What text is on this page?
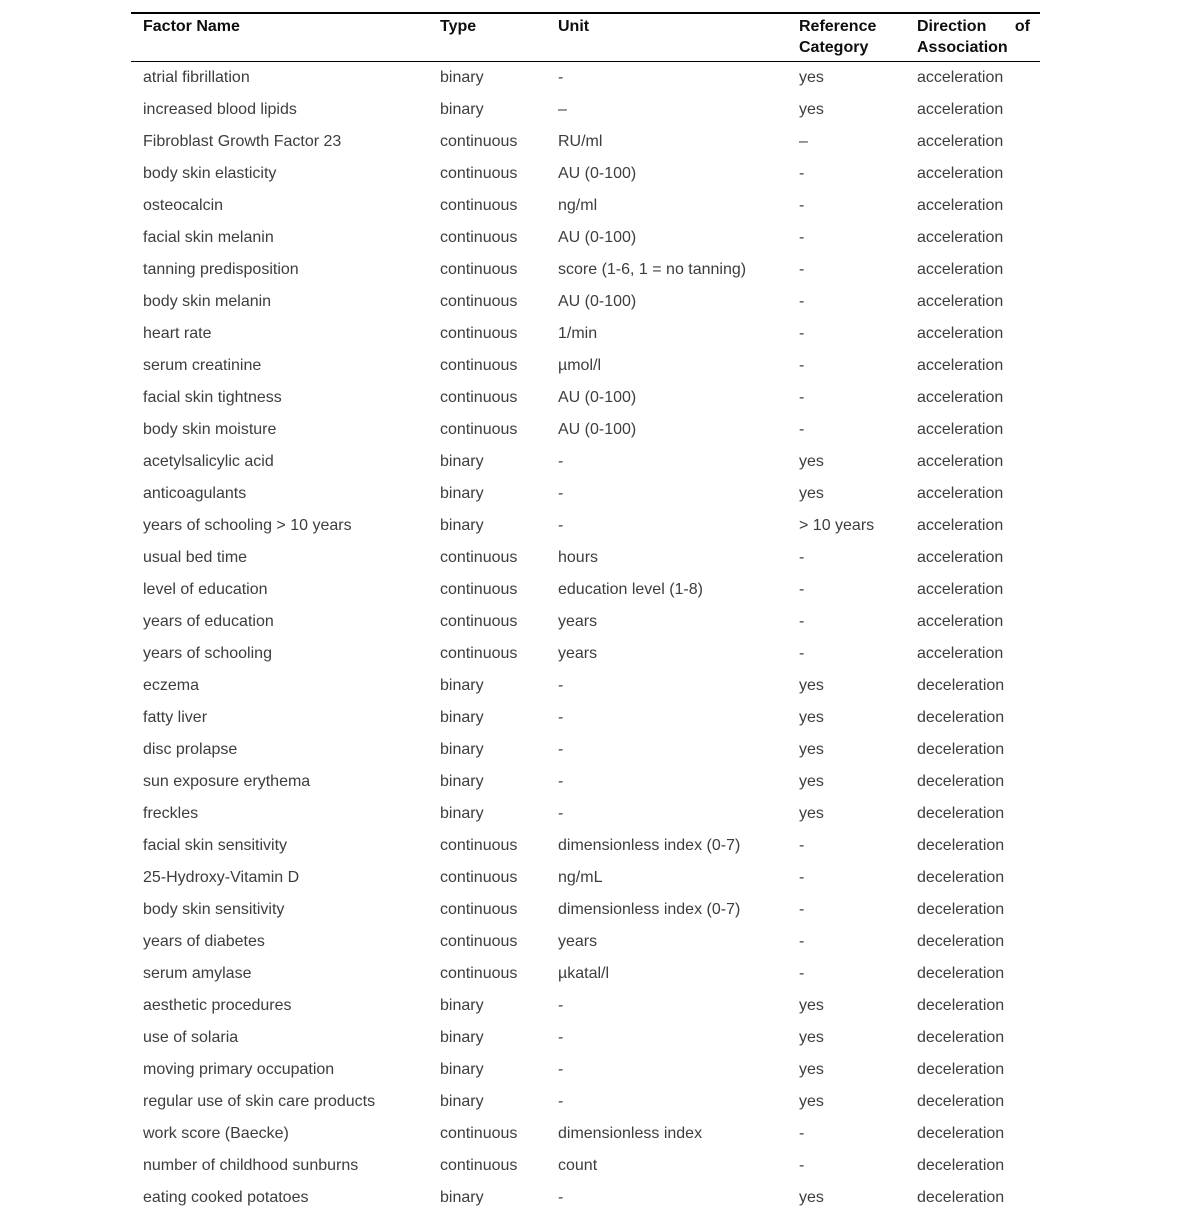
Factor Name	Type	Unit	Reference Category	Direction of Association
atrial fibrillation	binary	-	yes	acceleration
increased blood lipids	binary	–	yes	acceleration
Fibroblast Growth Factor 23	continuous	RU/ml	–	acceleration
body skin elasticity	continuous	AU (0-100)	-	acceleration
osteocalcin	continuous	ng/ml	-	acceleration
facial skin melanin	continuous	AU (0-100)	-	acceleration
tanning predisposition	continuous	score (1-6, 1 = no tanning)	-	acceleration
body skin melanin	continuous	AU (0-100)	-	acceleration
heart rate	continuous	1/min	-	acceleration
serum creatinine	continuous	µmol/l	-	acceleration
facial skin tightness	continuous	AU (0-100)	-	acceleration
body skin moisture	continuous	AU (0-100)	-	acceleration
acetylsalicylic acid	binary	-	yes	acceleration
anticoagulants	binary	-	yes	acceleration
years of schooling > 10 years	binary	-	> 10 years	acceleration
usual bed time	continuous	hours	-	acceleration
level of education	continuous	education level (1-8)	-	acceleration
years of education	continuous	years	-	acceleration
years of schooling	continuous	years	-	acceleration
eczema	binary	-	yes	deceleration
fatty liver	binary	-	yes	deceleration
disc prolapse	binary	-	yes	deceleration
sun exposure erythema	binary	-	yes	deceleration
freckles	binary	-	yes	deceleration
facial skin sensitivity	continuous	dimensionless index (0-7)	-	deceleration
25-Hydroxy-Vitamin D	continuous	ng/mL	-	deceleration
body skin sensitivity	continuous	dimensionless index (0-7)	-	deceleration
years of diabetes	continuous	years	-	deceleration
serum amylase	continuous	µkatal/l	-	deceleration
aesthetic procedures	binary	-	yes	deceleration
use of solaria	binary	-	yes	deceleration
moving primary occupation	binary	-	yes	deceleration
regular use of skin care products	binary	-	yes	deceleration
work score (Baecke)	continuous	dimensionless index	-	deceleration
number of childhood sunburns	continuous	count	-	deceleration
eating cooked potatoes	binary	-	yes	deceleration
